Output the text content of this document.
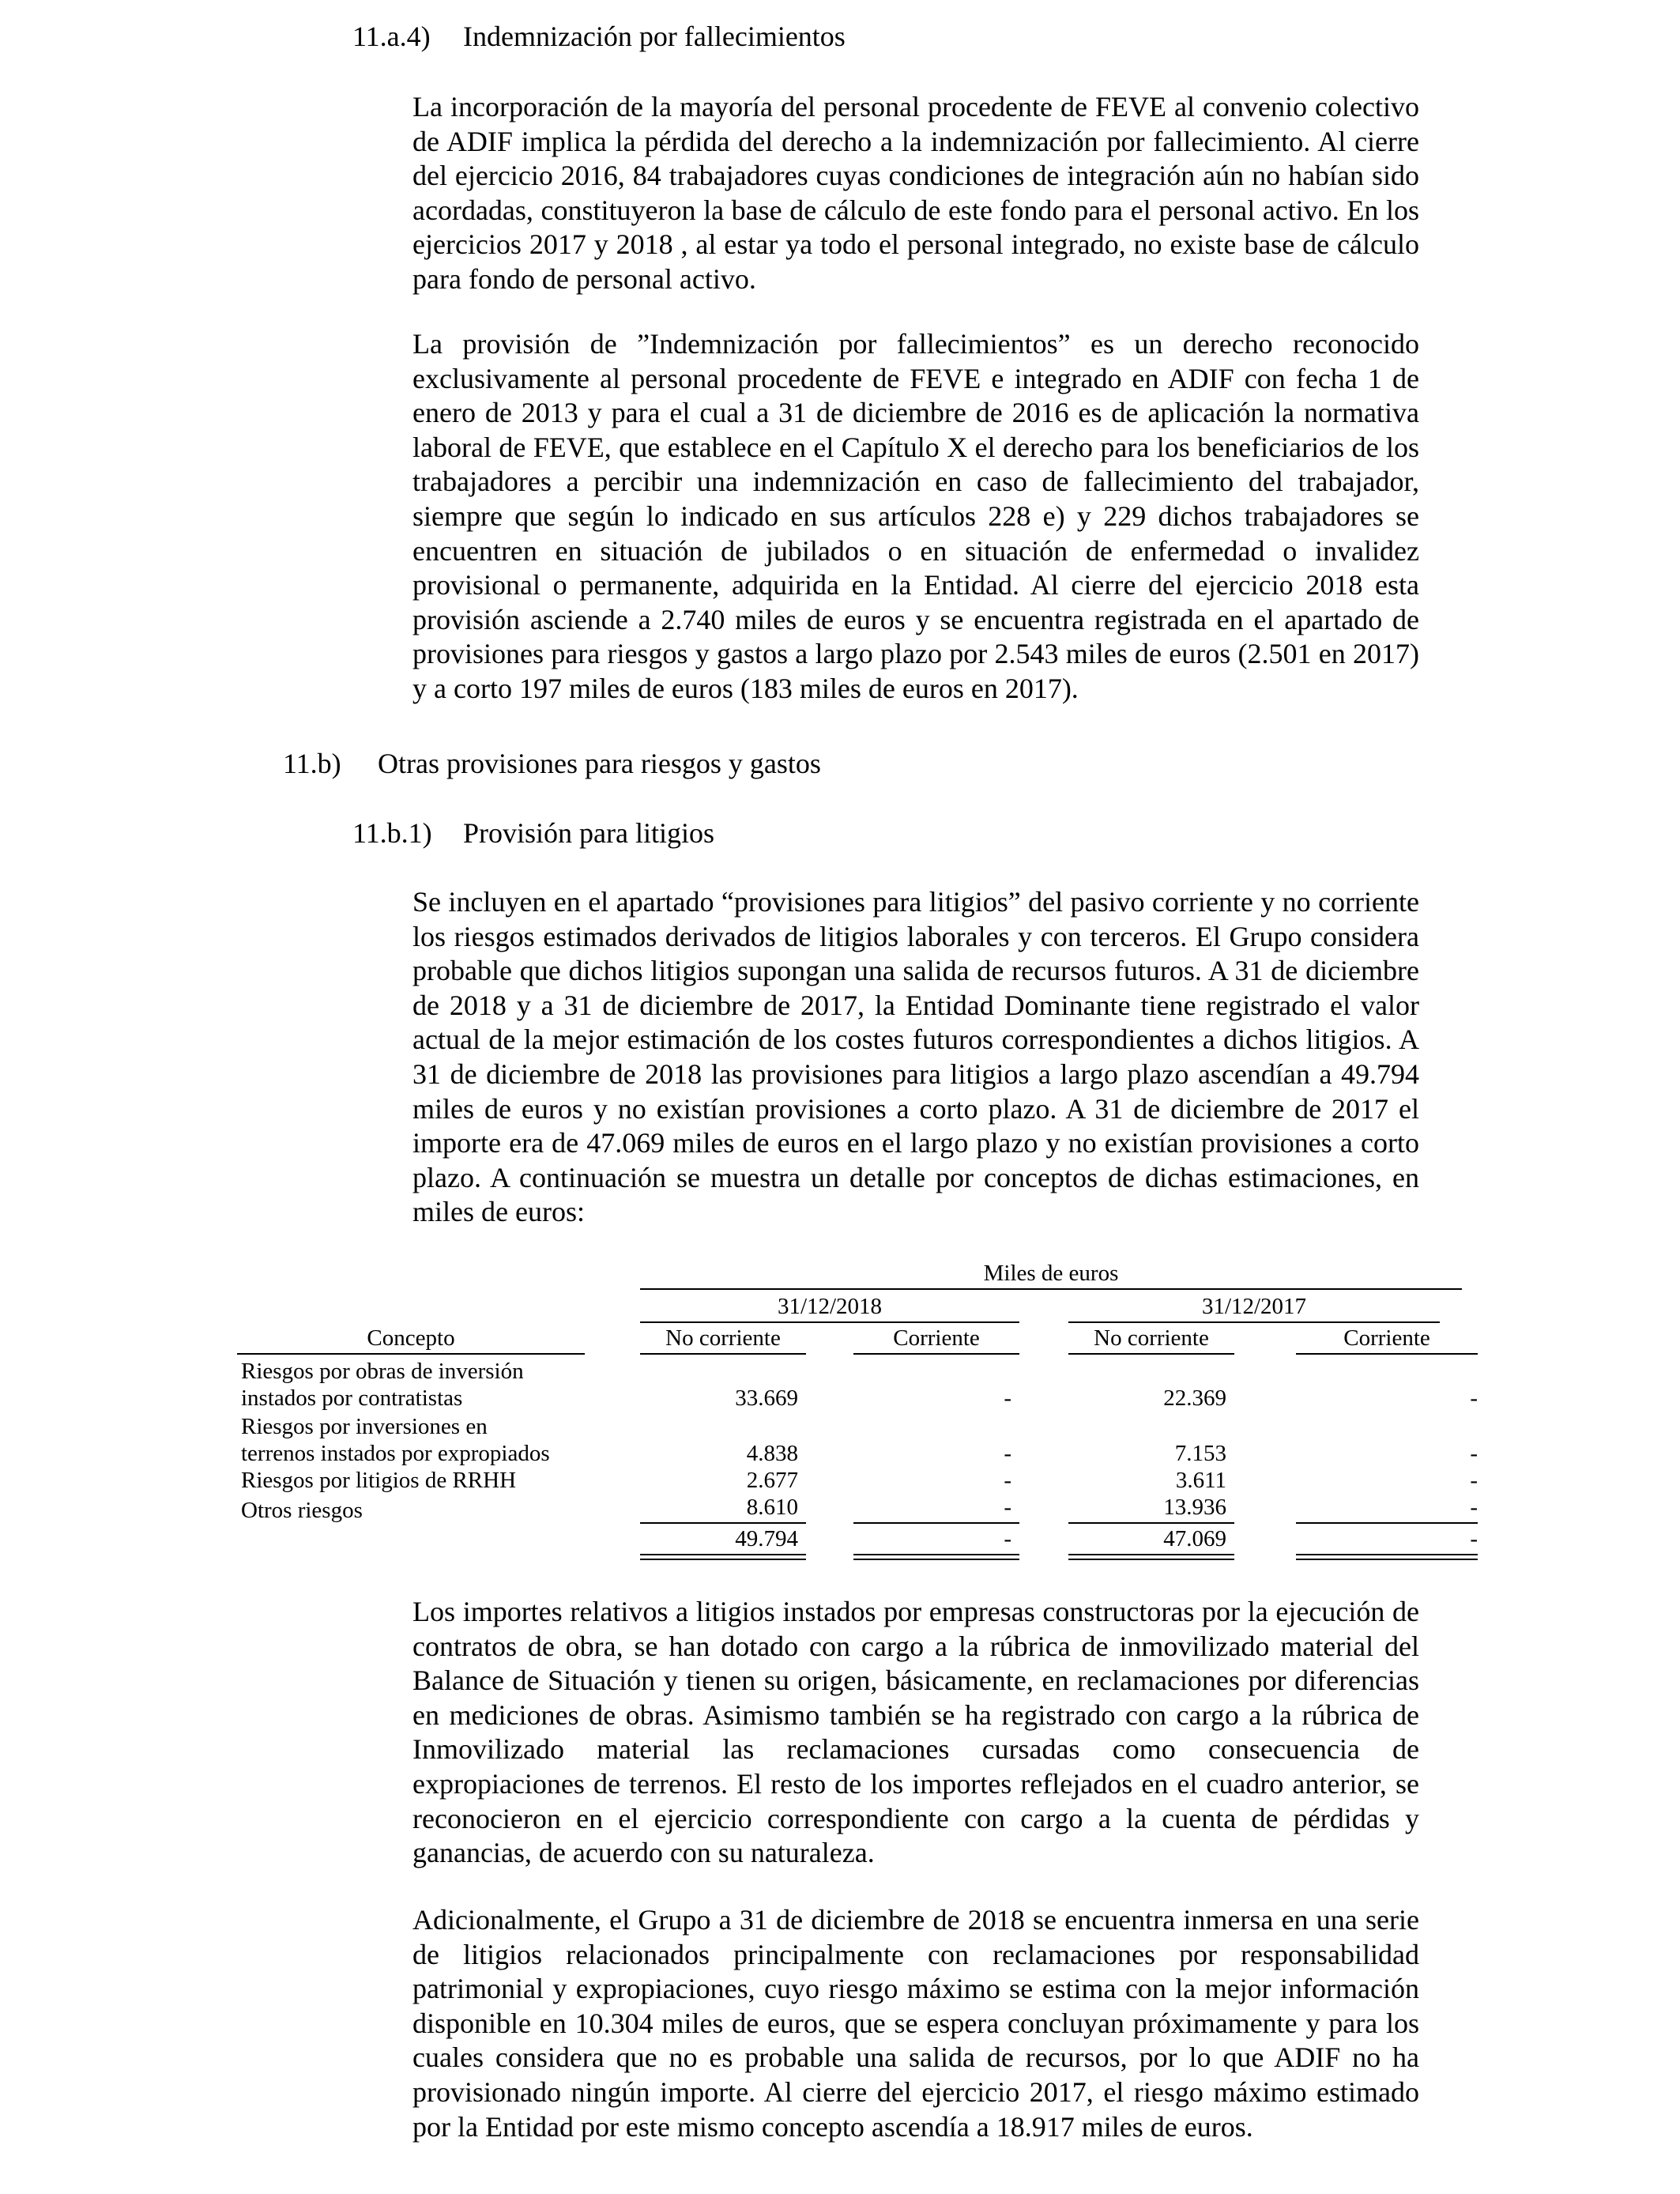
11.a.4) Indemnización por fallecimientos

La incorporación de la mayoría del personal procedente de FEVE al convenio colectivo de ADIF implica la pérdida del derecho a la indemnización por fallecimiento. Al cierre del ejercicio 2016, 84 trabajadores cuyas condiciones de integración aún no habían sido acordadas, constituyeron la base de cálculo de este fondo para el personal activo. En los ejercicios 2017 y 2018 , al estar ya todo el personal integrado, no existe base de cálculo para fondo de personal activo.

La provisión de ”Indemnización por fallecimientos” es un derecho reconocido exclusivamente al personal procedente de FEVE e integrado en ADIF con fecha 1 de enero de 2013 y para el cual a 31 de diciembre de 2016 es de aplicación la normativa laboral de FEVE, que establece en el Capítulo X el derecho para los beneficiarios de los trabajadores a percibir una indemnización en caso de fallecimiento del trabajador, siempre que según lo indicado en sus artículos 228 e) y 229 dichos trabajadores se encuentren en situación de jubilados o en situación de enfermedad o invalidez provisional o permanente, adquirida en la Entidad. Al cierre del ejercicio 2018 esta provisión asciende a 2.740 miles de euros y se encuentra registrada en el apartado de provisiones para riesgos y gastos a largo plazo por 2.543 miles de euros (2.501 en 2017) y a corto 197 miles de euros (183 miles de euros en 2017).

11.b) Otras provisiones para riesgos y gastos
11.b.1) Provisión para litigios

Se incluyen en el apartado “provisiones para litigios” del pasivo corriente y no corriente los riesgos estimados derivados de litigios laborales y con terceros. El Grupo considera probable que dichos litigios supongan una salida de recursos futuros. A 31 de diciembre de 2018 y a 31 de diciembre de 2017, la Entidad Dominante tiene registrado el valor actual de la mejor estimación de los costes futuros correspondientes a dichos litigios. A 31 de diciembre de 2018 las provisiones para litigios a largo plazo ascendían a 49.794 miles de euros y no existían provisiones a corto plazo. A 31 de diciembre de 2017 el importe era de 47.069 miles de euros en el largo plazo y no existían provisiones a corto plazo. A continuación se muestra un detalle por conceptos de dichas estimaciones, en miles de euros:

Miles de euros
31/12/2018	31/12/2017
Concepto	No corriente	Corriente	No corriente	Corriente
Riesgos por obras de inversión
instados por contratistas	33.669	-	22.369	-
Riesgos por inversiones en
terrenos instados por expropiados	4.838	-	7.153	-
Riesgos por litigios de RRHH	2.677	-	3.611	-
Otros riesgos	8.610	-	13.936	-
49.794	-	47.069	-

Los importes relativos a litigios instados por empresas constructoras por la ejecución de contratos de obra, se han dotado con cargo a la rúbrica de inmovilizado material del Balance de Situación y tienen su origen, básicamente, en reclamaciones por diferencias en mediciones de obras. Asimismo también se ha registrado con cargo a la rúbrica de Inmovilizado material las reclamaciones cursadas como consecuencia de expropiaciones de terrenos. El resto de los importes reflejados en el cuadro anterior, se reconocieron en el ejercicio correspondiente con cargo a la cuenta de pérdidas y ganancias, de acuerdo con su naturaleza.

Adicionalmente, el Grupo a 31 de diciembre de 2018 se encuentra inmersa en una serie de litigios relacionados principalmente con reclamaciones por responsabilidad patrimonial y expropiaciones, cuyo riesgo máximo se estima con la mejor información disponible en 10.304 miles de euros, que se espera concluyan próximamente y para los cuales considera que no es probable una salida de recursos, por lo que ADIF no ha provisionado ningún importe. Al cierre del ejercicio 2017, el riesgo máximo estimado por la Entidad por este mismo concepto ascendía a 18.917 miles de euros.
